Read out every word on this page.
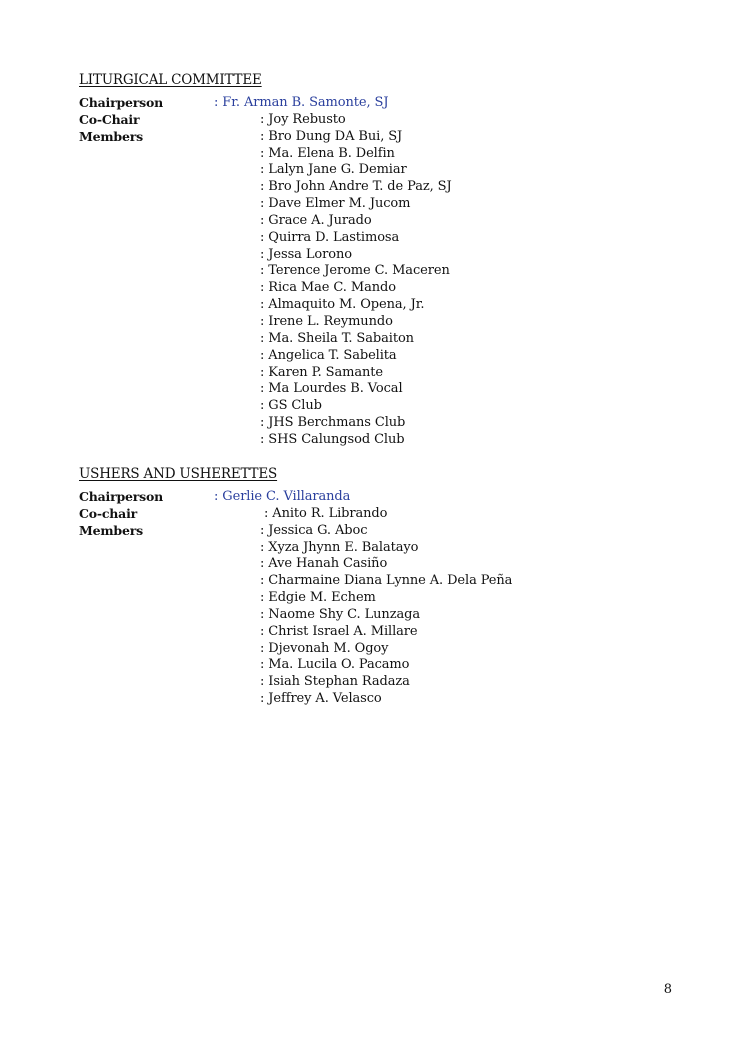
LITURGICAL COMMITTEE
Chairperson	: Fr. Arman B. Samonte, SJ
Co-Chair	: Joy Rebusto
Members	: Bro Dung DA Bui, SJ
: Ma. Elena B. Delfin
: Lalyn Jane G. Demiar
: Bro John Andre T. de Paz, SJ
: Dave Elmer M. Jucom
: Grace A. Jurado
: Quirra D. Lastimosa
: Jessa Lorono
: Terence Jerome C. Maceren
: Rica Mae C. Mando
: Almaquito M. Opena, Jr.
: Irene L. Reymundo
: Ma. Sheila T. Sabaiton
: Angelica T. Sabelita
: Karen P. Samante
: Ma Lourdes B. Vocal
: GS Club
: JHS Berchmans Club
: SHS Calungsod Club
USHERS AND USHERETTES
Chairperson	: Gerlie C. Villaranda
Co-chair	: Anito R. Librando
Members	: Jessica G. Aboc
: Xyza Jhynn E. Balatayo
: Ave Hanah Casiño
: Charmaine Diana Lynne A. Dela Peña
: Edgie M. Echem
: Naome Shy C. Lunzaga
: Christ Israel A. Millare
: Djevonah M. Ogoy
: Ma. Lucila O. Pacamo
: Isiah Stephan Radaza
: Jeffrey A. Velasco
8
